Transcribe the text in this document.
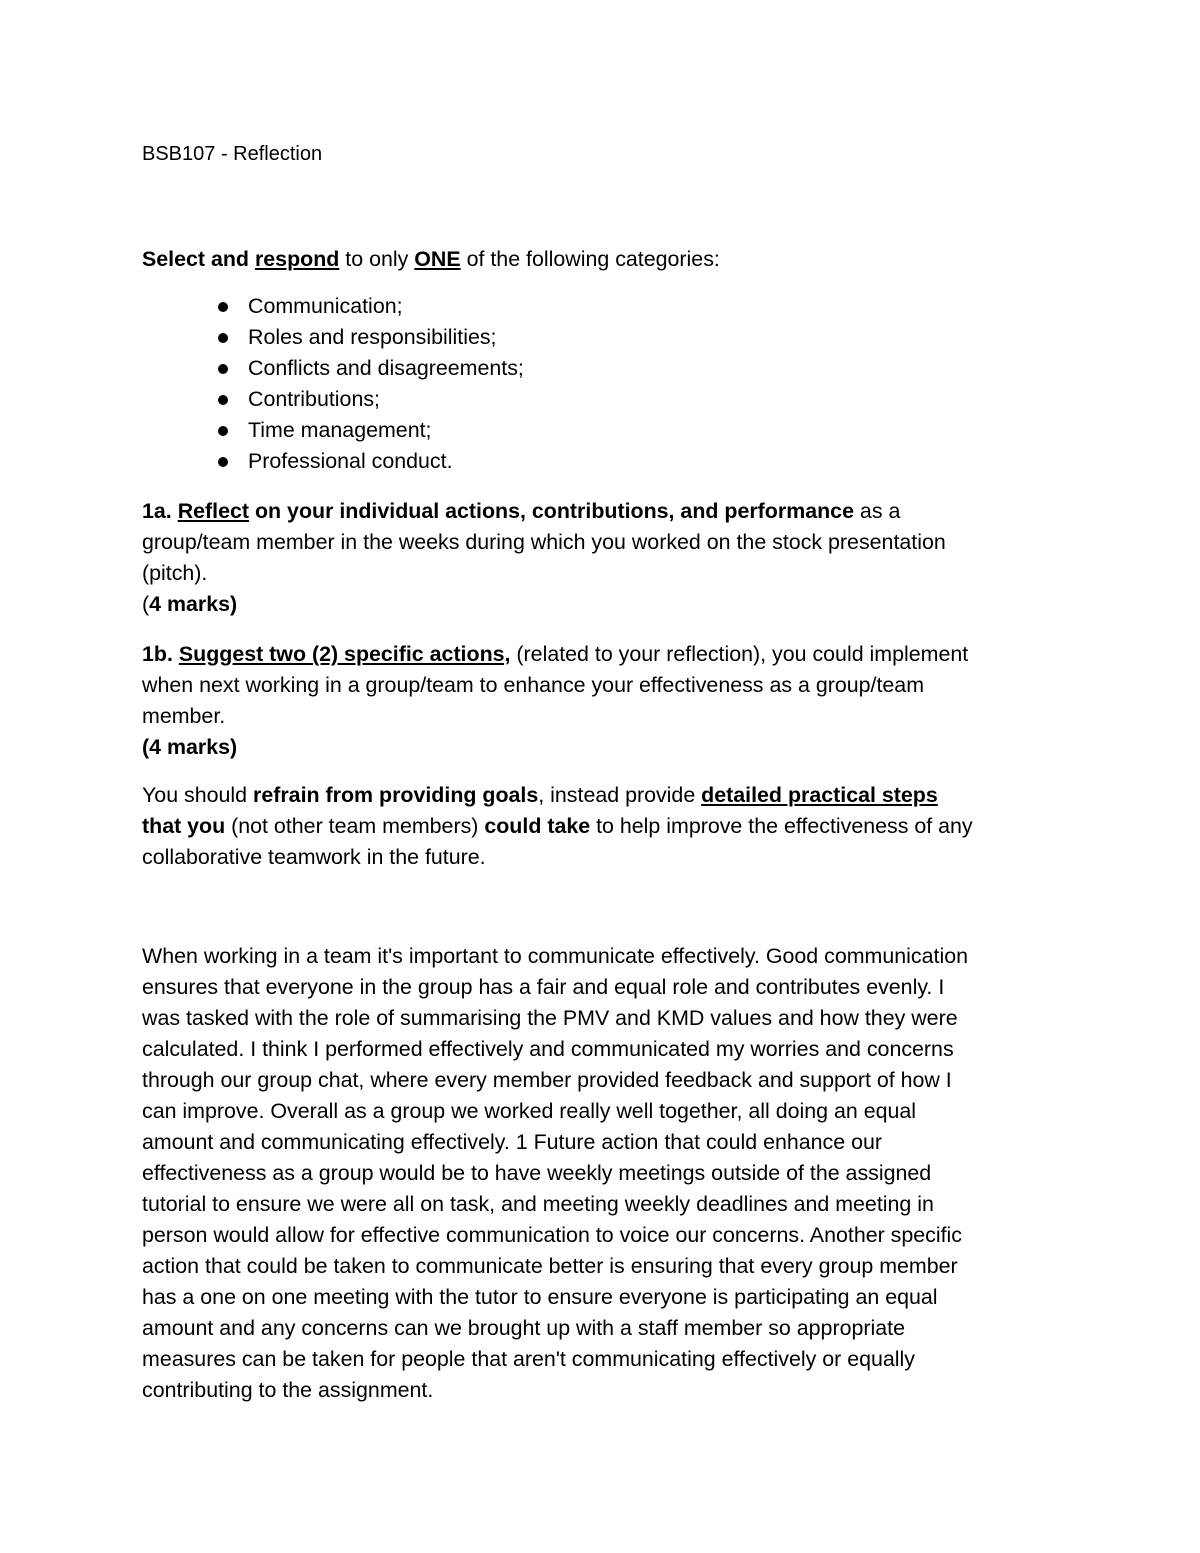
BSB107 - Reflection

Select and respond to only ONE of the following categories:

Communication;
Roles and responsibilities;
Conflicts and disagreements;
Contributions;
Time management;
Professional conduct.

1a. Reflect on your individual actions, contributions, and performance as a
group/team member in the weeks during which you worked on the stock presentation
(pitch).

(4 marks)

1b. Suggest two (2) specific actions, (related to your reflection), you could implement
when next working in a group/team to enhance your effectiveness as a group/team
member.

(4 marks)

You should refrain from providing goals, instead provide detailed practical steps
that you (not other team members) could take to help improve the effectiveness of any
collaborative teamwork in the future.

When working in a team it's important to communicate effectively. Good communication
ensures that everyone in the group has a fair and equal role and contributes evenly. I
was tasked with the role of summarising the PMV and KMD values and how they were
calculated. I think I performed effectively and communicated my worries and concerns
through our group chat, where every member provided feedback and support of how I
can improve. Overall as a group we worked really well together, all doing an equal
amount and communicating effectively. 1 Future action that could enhance our
effectiveness as a group would be to have weekly meetings outside of the assigned
tutorial to ensure we were all on task, and meeting weekly deadlines and meeting in
person would allow for effective communication to voice our concerns. Another specific
action that could be taken to communicate better is ensuring that every group member
has a one on one meeting with the tutor to ensure everyone is participating an equal
amount and any concerns can we brought up with a staff member so appropriate
measures can be taken for people that aren't communicating effectively or equally
contributing to the assignment.
